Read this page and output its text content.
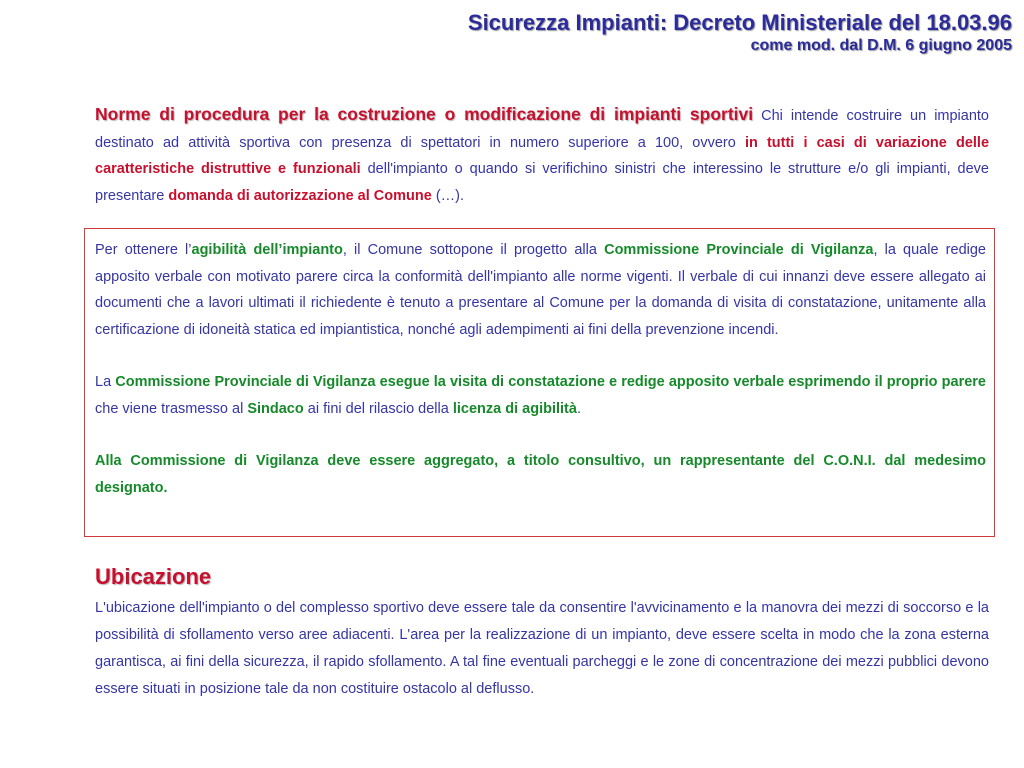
Sicurezza Impianti: Decreto Ministeriale del 18.03.96
come mod. dal D.M. 6 giugno 2005
Norme di procedura per la costruzione o modificazione di impianti sportivi Chi intende costruire un impianto destinato ad attività sportiva con presenza di spettatori in numero superiore a 100, ovvero in tutti i casi di variazione delle caratteristiche distruttive e funzionali dell'impianto o quando si verifichino sinistri che interessino le strutture e/o gli impianti, deve presentare domanda di autorizzazione al Comune (…).

Per ottenere l’agibilità dell’impianto, il Comune sottopone il progetto alla Commissione Provinciale di Vigilanza, la quale redige apposito verbale con motivato parere circa la conformità dell'impianto alle norme vigenti. Il verbale di cui innanzi deve essere allegato ai documenti che a lavori ultimati il richiedente è tenuto a presentare al Comune per la domanda di visita di constatazione, unitamente alla certificazione di idoneità statica ed impiantistica, nonché agli adempimenti ai fini della prevenzione incendi.

La Commissione Provinciale di Vigilanza esegue la visita di constatazione e redige apposito verbale esprimendo il proprio parere che viene trasmesso al Sindaco ai fini del rilascio della licenza di agibilità.

Alla Commissione di Vigilanza deve essere aggregato, a titolo consultivo, un rappresentante del C.O.N.I. dal medesimo designato.

Ubicazione

L'ubicazione dell'impianto o del complesso sportivo deve essere tale da consentire l'avvicinamento e la manovra dei mezzi di soccorso e la possibilità di sfollamento verso aree adiacenti. L'area per la realizzazione di un impianto, deve essere scelta in modo che la zona esterna garantisca, ai fini della sicurezza, il rapido sfollamento. A tal fine eventuali parcheggi e le zone di concentrazione dei mezzi pubblici devono essere situati in posizione tale da non costituire ostacolo al deflusso.
